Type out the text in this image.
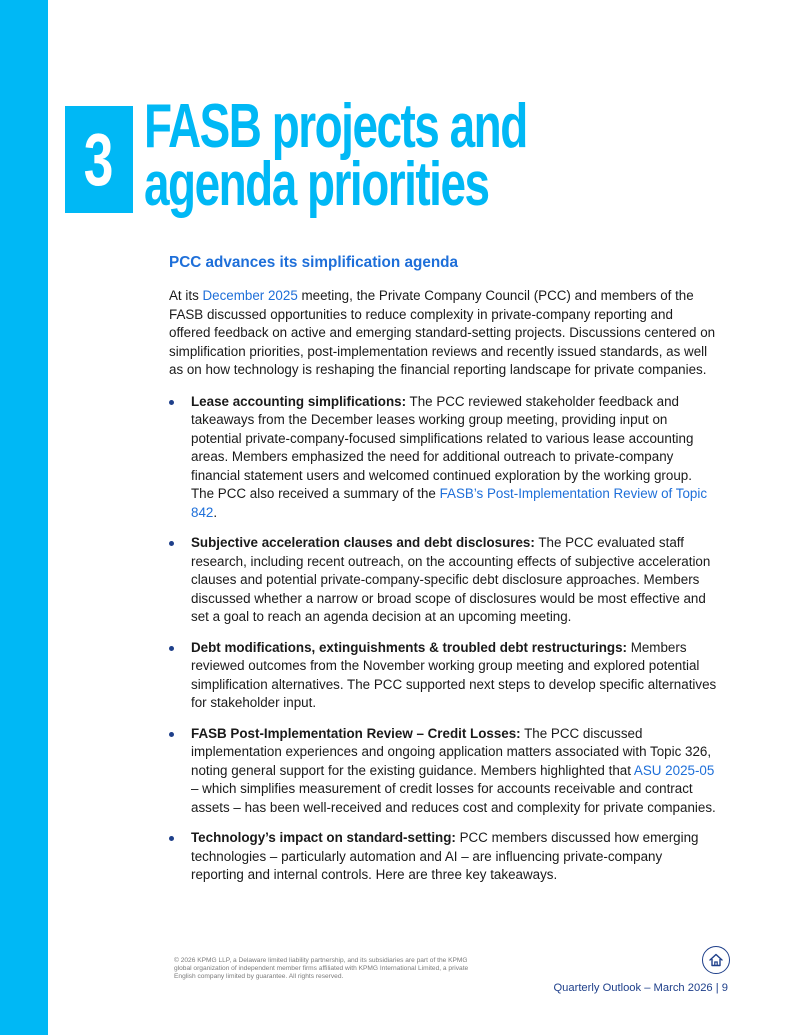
3 FASB projects and
agenda priorities
PCC advances its simplification agenda

At its December 2025 meeting, the Private Company Council (PCC) and members of the FASB discussed opportunities to reduce complexity in private-company reporting and offered feedback on active and emerging standard-setting projects. Discussions centered on simplification priorities, post-implementation reviews and recently issued standards, as well as on how technology is reshaping the financial reporting landscape for private companies.

Lease accounting simplifications: The PCC reviewed stakeholder feedback and takeaways from the December leases working group meeting, providing input on potential private-company-focused simplifications related to various lease accounting areas. Members emphasized the need for additional outreach to private-company financial statement users and welcomed continued exploration by the working group. The PCC also received a summary of the FASB’s Post-Implementation Review of Topic 842.
Subjective acceleration clauses and debt disclosures: The PCC evaluated staff research, including recent outreach, on the accounting effects of subjective acceleration clauses and potential private-company-specific debt disclosure approaches. Members discussed whether a narrow or broad scope of disclosures would be most effective and set a goal to reach an agenda decision at an upcoming meeting.
Debt modifications, extinguishments & troubled debt restructurings: Members reviewed outcomes from the November working group meeting and explored potential simplification alternatives. The PCC supported next steps to develop specific alternatives for stakeholder input.
FASB Post-Implementation Review – Credit Losses: The PCC discussed implementation experiences and ongoing application matters associated with Topic 326, noting general support for the existing guidance. Members highlighted that ASU 2025-05 – which simplifies measurement of credit losses for accounts receivable and contract assets – has been well-received and reduces cost and complexity for private companies.
Technology’s impact on standard-setting: PCC members discussed how emerging technologies – particularly automation and AI – are influencing private-company reporting and internal controls. Here are three key takeaways.
© 2026 KPMG LLP, a Delaware limited liability partnership, and its subsidiaries are part of the KPMG global organization of independent member firms affiliated with KPMG International Limited, a private English company limited by guarantee. All rights reserved.
Quarterly Outlook – March 2026 | 9
